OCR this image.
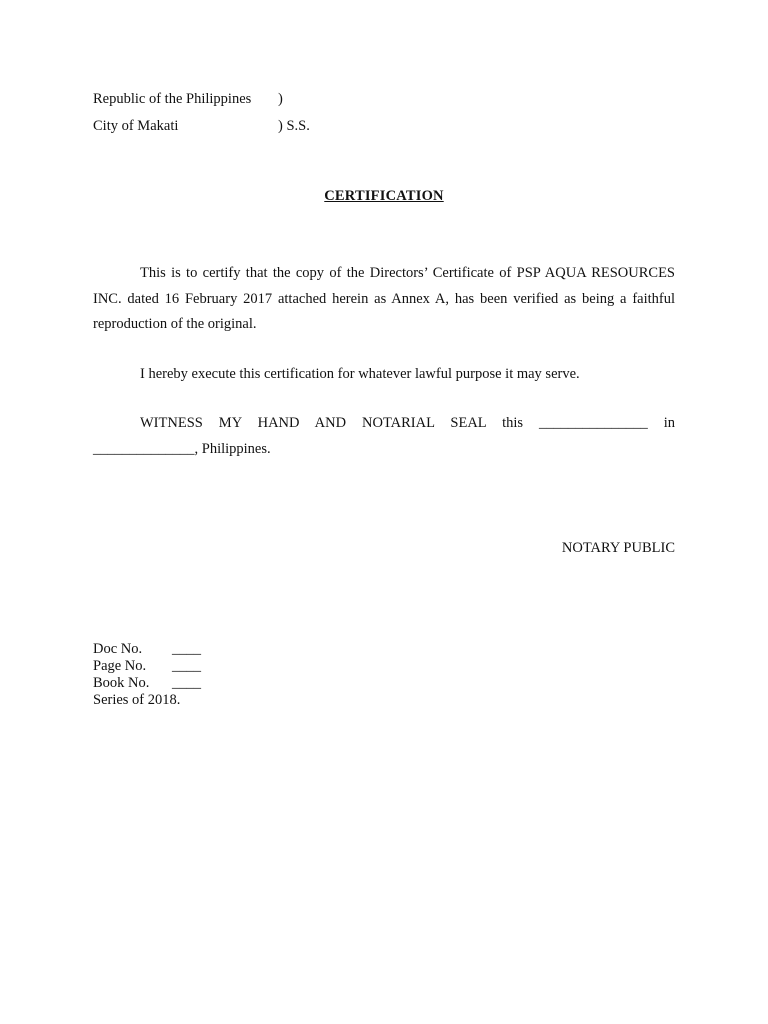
Republic of the Philippines )
City of Makati	) S.S.
CERTIFICATION

This is to certify that the copy of the Directors’ Certificate of PSP AQUA RESOURCES INC. dated 16 February 2017 attached herein as Annex A, has been verified as being a faithful reproduction of the original.

I hereby execute this certification for whatever lawful purpose it may serve.

WITNESS MY HAND AND NOTARIAL SEAL this _______________ in ______________, Philippines.

NOTARY PUBLIC
Doc No. ____
Page No. ____
Book No. ____
Series of 2018.
